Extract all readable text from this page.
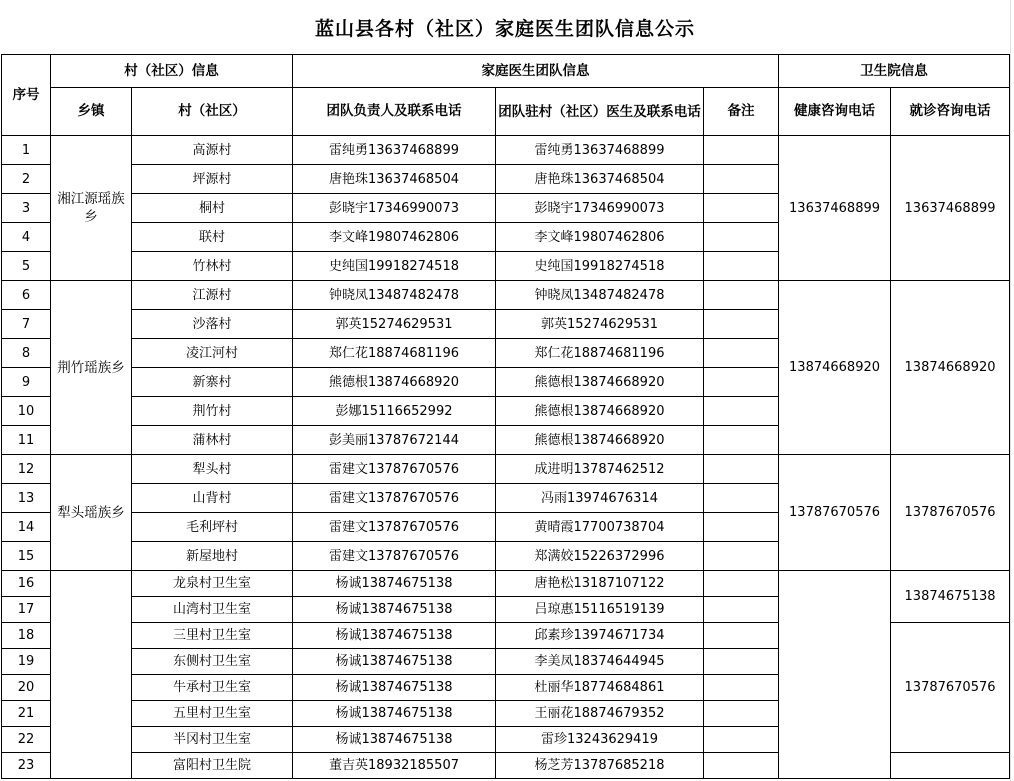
蓝山县各村（社区）家庭医生团队信息公示
序号	村（社区）信息		家庭医生团队信息			卫生院信息	
	乡镇	村（社区）	团队负责人及联系电话	团队驻村（社区）医生及联系电话	备注	健康咨询电话	就诊咨询电话
1	湘江源瑶族乡	高源村	雷纯勇13637468899	雷纯勇13637468899		13637468899	13637468899
2		坪源村	唐艳珠13637468504	唐艳珠13637468504			
3		桐村	彭晓宇17346990073	彭晓宇17346990073			
4		联村	李文峰19807462806	李文峰19807462806			
5		竹林村	史纯国19918274518	史纯国19918274518			
6	荆竹瑶族乡	江源村	钟晓凤13487482478	钟晓凤13487482478		13874668920	13874668920
7		沙落村	郭英15274629531	郭英15274629531			
8		凌江河村	郑仁花18874681196	郑仁花18874681196			
9		新寨村	熊德根13874668920	熊德根13874668920			
10		荆竹村	彭娜15116652992	熊德根13874668920			
11		蒲林村	彭美丽13787672144	熊德根13874668920			
12	犁头瑶族乡	犁头村	雷建文13787670576	成进明13787462512		13787670576	13787670576
13		山背村	雷建文13787670576	冯雨13974676314			
14		毛利坪村	雷建文13787670576	黄晴霞17700738704			
15		新屋地村	雷建文13787670576	郑满姣15226372996			
16		龙泉村卫生室	杨诚13874675138	唐艳松13187107122			13874675138
17		山湾村卫生室	杨诚13874675138	吕琼惠15116519139			
18		三里村卫生室	杨诚13874675138	邱素珍13974671734			13787670576
19		东侧村卫生室	杨诚13874675138	李美凤18374644945			
20		牛承村卫生室	杨诚13874675138	杜丽华18774684861			
21		五里村卫生室	杨诚13874675138	王丽花18874679352			
22		半冈村卫生室	杨诚13874675138	雷珍13243629419			
23		富阳村卫生院	董吉英18932185507	杨芝芳13787685218			
